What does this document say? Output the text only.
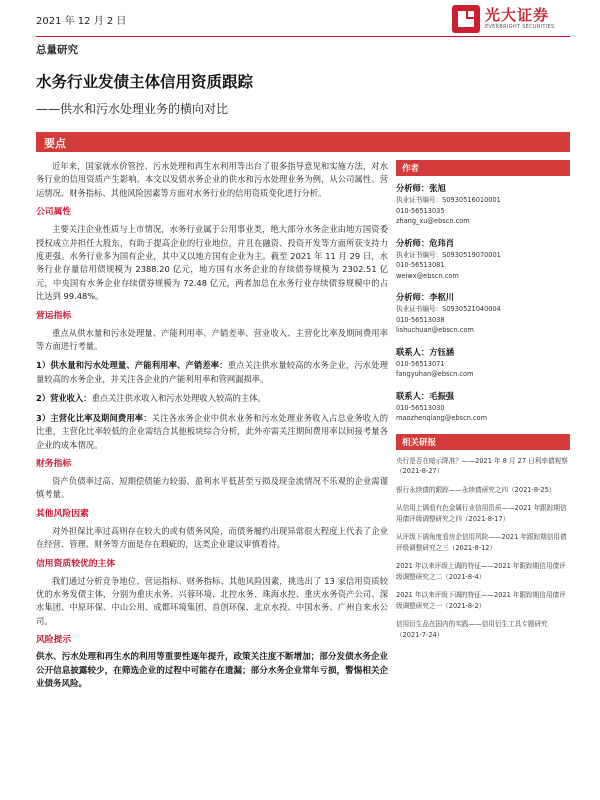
2021 年 12 月 2 日	光大证券
EVERBRIGHT SECURITIES
总量研究
水务行业发债主体信用资质跟踪
——供水和污水处理业务的横向对比
要点

近年来，国家就水价管控、污水处理和再生水利用等出台了很多指导意见和实施方法，对水务行业的信用资质产生影响。本文以发债水务企业的供水和污水处理业务为例，从公司属性、营运情况、财务指标、其他风险因素等方面对水务行业的信用资质变化进行分析。

公司属性

主要关注企业性质与上市情况，水务行业属于公用事业类，绝大部分水务企业由地方国资委授权成立并担任大股东，有助于提高企业的行业地位，并且在融资、投资开发等方面所获支持力度更强。水务行业多为国有企业，其中又以地方国有企业为主。截至 2021 年 11 月 29 日，水务行业存量信用债规模为 2388.20 亿元，地方国有水务企业的存续债券规模为 2302.51 亿元，中央国有水务企业存续债券规模为 72.48 亿元，两者加总在水务行业存续债券规模中的占比达到 99.48%。

营运指标

重点从供水量和污水处理量、产能利用率、产销差率、营业收入、主营化比率及期间费用率等方面进行考量。

1）供水量和污水处理量、产能利用率、产销差率：重点关注供水量较高的水务企业，污水处理量较高的水务企业，并关注各企业的产能利用率和管网漏损率。

2）营业收入：重点关注供水收入和污水处理收入较高的主体。

3）主营化比率及期间费用率：关注各水务企业中供水业务和污水处理业务收入占总业务收入的比重，主营化比率较低的企业需结合其他板块综合分析，此外亦需关注期间费用率以间接考量各企业的成本情况。

财务指标

资产负债率过高、短期偿债能力较弱、盈利水平低甚至亏损及现金流情况不乐观的企业需谨慎考量。

其他风险因素

对外担保比率过高则存在较大的或有债务风险，而债务履约出现异常很大程度上代表了企业在经营、管理、财务等方面是存在瑕疵的，这类企业建议审慎看待。

信用资质较优的主体

我们通过分析竞争地位、营运指标、财务指标、其他风险因素，挑选出了 13 家信用资质较优的水务发债主体，分别为重庆水务、兴蓉环境、北控水务、珠海水控、重庆水务资产公司、深水集团、中原环保、中山公用、成都环境集团、首创环保、北京水投、中国水务、广州自来水公司。

风险提示

供水、污水处理和再生水的利用等重要性逐年提升，政策关注度不断增加；部分发债水务企业公开信息披露较少，在筛选企业的过程中可能存在遗漏；部分水务企业常年亏损，警惕相关企业债务风险。

作者
分析师：张旭
执业证书编号：S0930516010001
010-56513035
zhang_xu@ebscn.com
分析师：危玮肖
执业证书编号：S0930519070001
010-56513081
weiwx@ebscn.com
分析师：李枢川
执业证书编号：S0930521040004
010-56513038
lishuchuan@ebscn.com
联系人：方钰涵
010-56513071
fangyuhan@ebscn.com
联系人：毛振强
010-56513030
maozhenqiang@ebscn.com
相关研报

央行是否在暗示降准？——2021 年 8 月 27 日利率债观察（2021-8-27）

银行永续债的跟踪——永续债研究之四（2021-8-25）

从信用上调看有色金属行业信用资质——2021 年跟踪期信用债评级调整研究之四（2021-8-17）

从评级下调角度看房企信用风险——2021 年跟踪期信用债评级调整研究之三（2021-8-12）

2021 年以来评级上调的特征——2021 年跟踪期信用债评级调整研究之二（2021-8-4）

2021 年以来评级下调的特征——2021 年跟踪期信用债评级调整研究之一（2021-8-2）

信用衍生品在国内的实践——信用衍生工具专题研究（2021-7-24）
